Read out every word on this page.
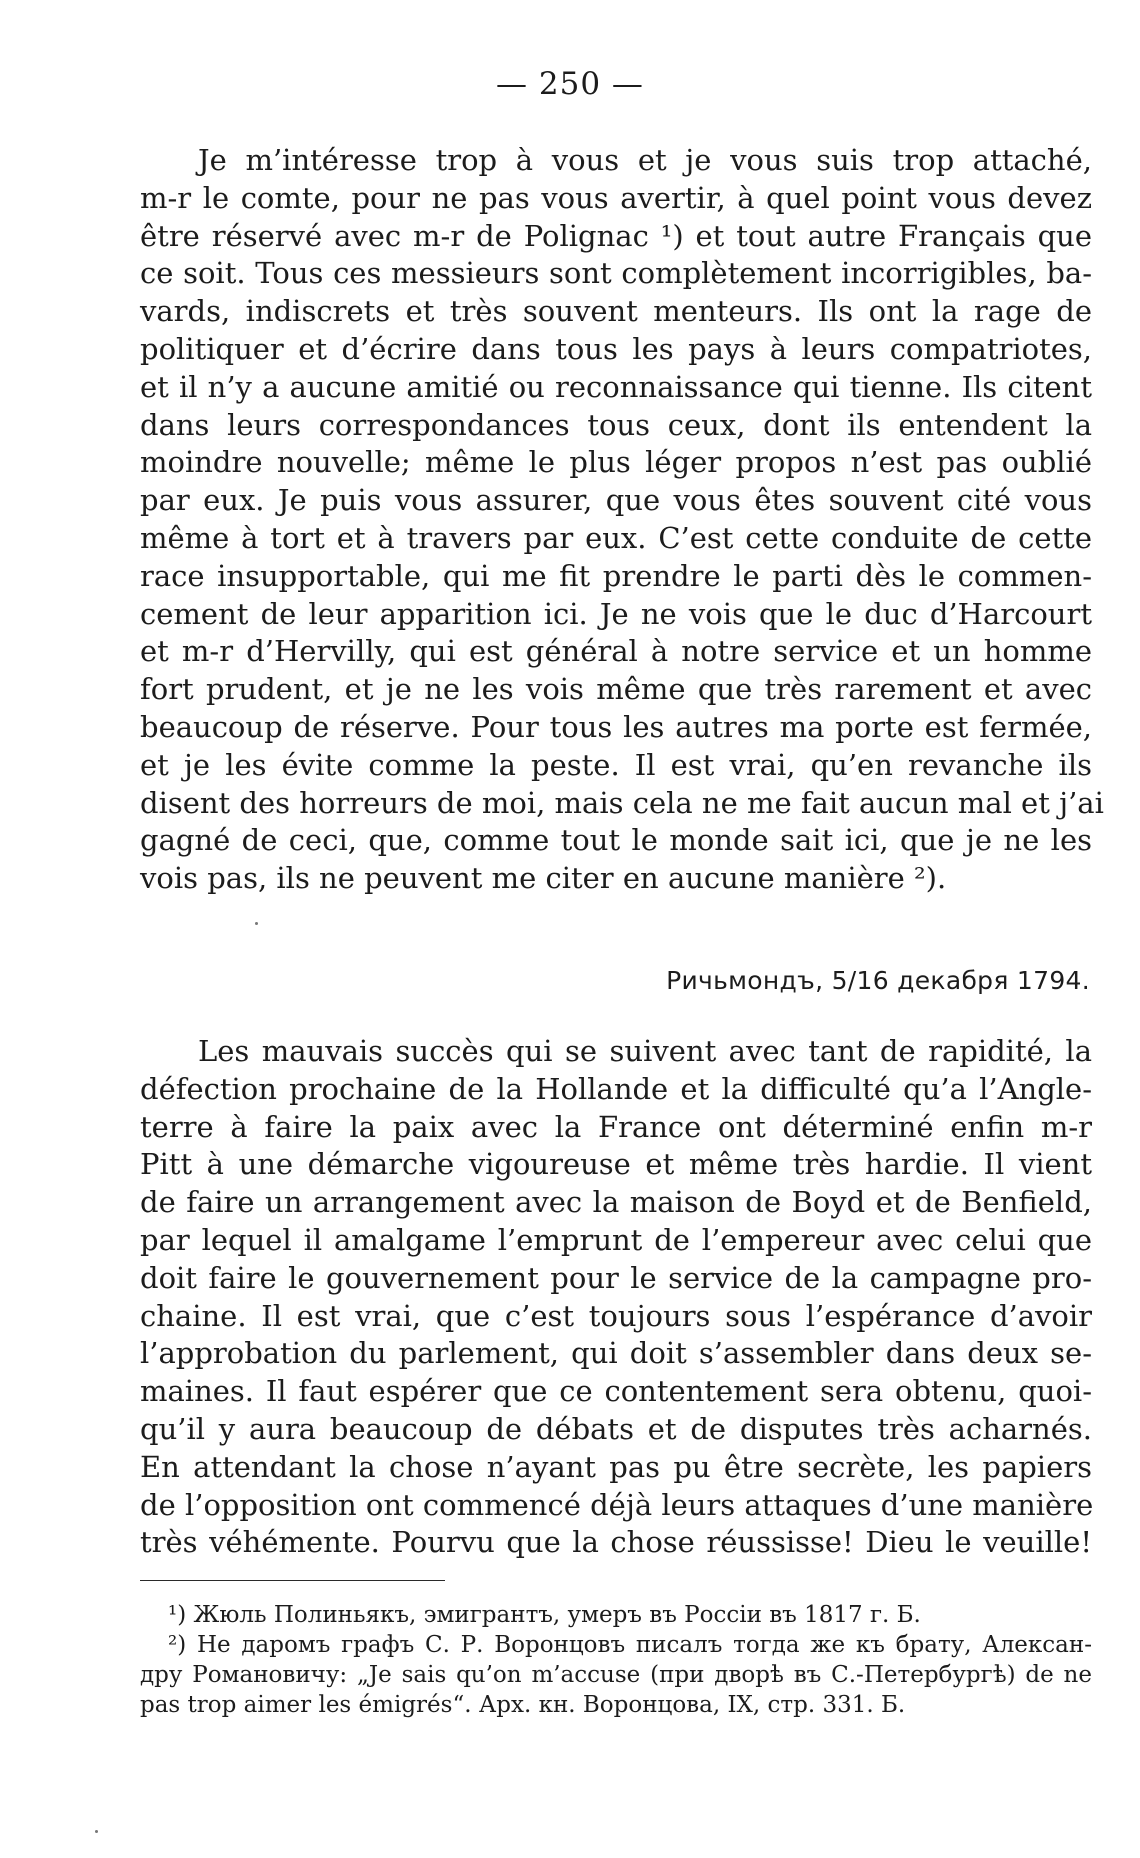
— 250 —
Je m’intéresse trop à vous et je vous suis trop attaché,
m-r le comte, pour ne pas vous avertir, à quel point vous devez
être réservé avec m-r de Polignac ¹) et tout autre Français que
ce soit. Tous ces messieurs sont complètement incorrigibles, ba-
vards, indiscrets et très souvent menteurs. Ils ont la rage de
politiquer et d’écrire dans tous les pays à leurs compatriotes,
et il n’y a aucune amitié ou reconnaissance qui tienne. Ils citent
dans leurs correspondances tous ceux, dont ils entendent la
moindre nouvelle; même le plus léger propos n’est pas oublié
par eux. Je puis vous assurer, que vous êtes souvent cité vous
même à tort et à travers par eux. C’est cette conduite de cette
race insupportable, qui me fit prendre le parti dès le commen-
cement de leur apparition ici. Je ne vois que le duc d’Harcourt
et m-r d’Hervilly, qui est général à notre service et un homme
fort prudent, et je ne les vois même que très rarement et avec
beaucoup de réserve. Pour tous les autres ma porte est fermée,
et je les évite comme la peste. Il est vrai, qu’en revanche ils
disent des horreurs de moi, mais cela ne me fait aucun mal et j’ai
gagné de ceci, que, comme tout le monde sait ici, que je ne les
vois pas, ils ne peuvent me citer en aucune manière ²).
Ричьмондъ, 5/16 декабря 1794.
Les mauvais succès qui se suivent avec tant de rapidité, la
défection prochaine de la Hollande et la difficulté qu’a l’Angle-
terre à faire la paix avec la France ont déterminé enfin m-r
Pitt à une démarche vigoureuse et même très hardie. Il vient
de faire un arrangement avec la maison de Boyd et de Benfield,
par lequel il amalgame l’emprunt de l’empereur avec celui que
doit faire le gouvernement pour le service de la campagne pro-
chaine. Il est vrai, que c’est toujours sous l’espérance d’avoir
l’approbation du parlement, qui doit s’assembler dans deux se-
maines. Il faut espérer que ce contentement sera obtenu, quoi-
qu’il y aura beaucoup de débats et de disputes très acharnés.
En attendant la chose n’ayant pas pu être secrète, les papiers
de l’opposition ont commencé déjà leurs attaques d’une manière
très véhémente. Pourvu que la chose réussisse! Dieu le veuille!
¹) Жюль Полиньякъ, эмигрантъ, умеръ въ Россіи въ 1817 г. Б.
²) Не даромъ графъ С. Р. Воронцовъ писалъ тогда же къ брату, Алексан-
дру Романовичу: „Je sais qu’on m’accuse (при дворѣ въ С.-Петербургѣ) de ne
pas trop aimer les émigrés“. Арх. кн. Воронцова, IX, стр. 331. Б.
